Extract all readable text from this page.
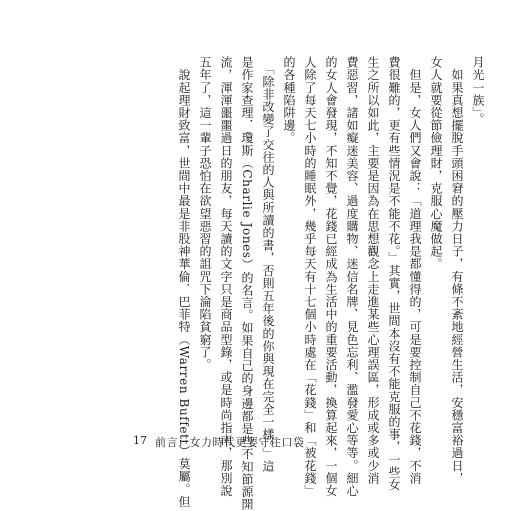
月光一族」。
　如果真想擺脫手頭困窘的壓力日子，有條不紊地經營生活，安穩富裕過日，
女人就要從節儉理財，克服心魔做起。
　但是，女人們又會說：「道理我是都懂得的，可是要控制自己不花錢，不消
費很難的，更有些情況是不能不花。」其實，世間本沒有不能克服的事，一些女
生之所以如此，主要是因為在思想觀念上走進某些心理誤區，形成或多或少消
費惡習，諸如癡迷美容、過度購物、迷信名牌、見色忘利、濫發愛心等等。細心
的女人會發現，不知不覺，花錢已經成為生活中的重要活動，換算起來，一個女
人除了每天七小時的睡眠外，幾乎每天有十七個小時處在「花錢」和「被花錢」
的各種陷阱邊。
　「除非改變了交往的人與所讀的書，否則五年後的你與現在完全一樣。」這
是作家查理．瓊斯（Charlie Jones）的名言。如果自己的身邊都是些不知節源開
流，渾渾噩噩過日的朋友，每天讀的文字只是商品型錄，或是時尚指南，那別說
五年了，這一輩子恐怕在欲望惡習的詛咒下淪陷貧窮了。
　說起理財致富，世間中最是非股神華倫．巴菲特（Warren Buffett）莫屬。但
17 前言：女力時代更要守住口袋
